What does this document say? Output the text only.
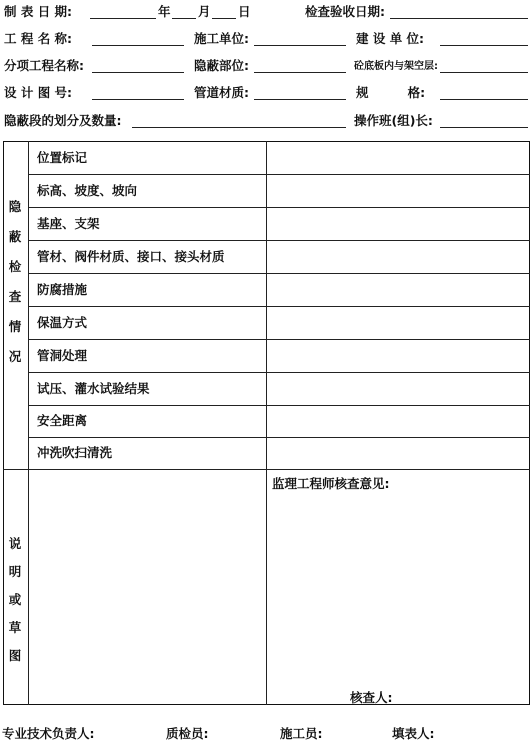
制 表 日 期:	年 月 日	检查验收日期:
工 程 名 称:	施工单位:	建 设 单 位:
分项工程名称:	隐蔽部位:	砼底板内与架空层:
设 计 图 号:	管道材质:	规         格:
隐蔽段的划分及数量:	操作班(组)长:
隐
蔽
检
查
情
况
位置标记
标高、坡度、坡向
基座、支架
管材、阀件材质、接口、接头材质
防腐措施
保温方式
管洞处理
试压、灌水试验结果
安全距离
冲洗吹扫清洗
说
明
或
草
图
监理工程师核查意见:
核查人:
专业技术负责人:	质检员:	施工员:	填表人:
